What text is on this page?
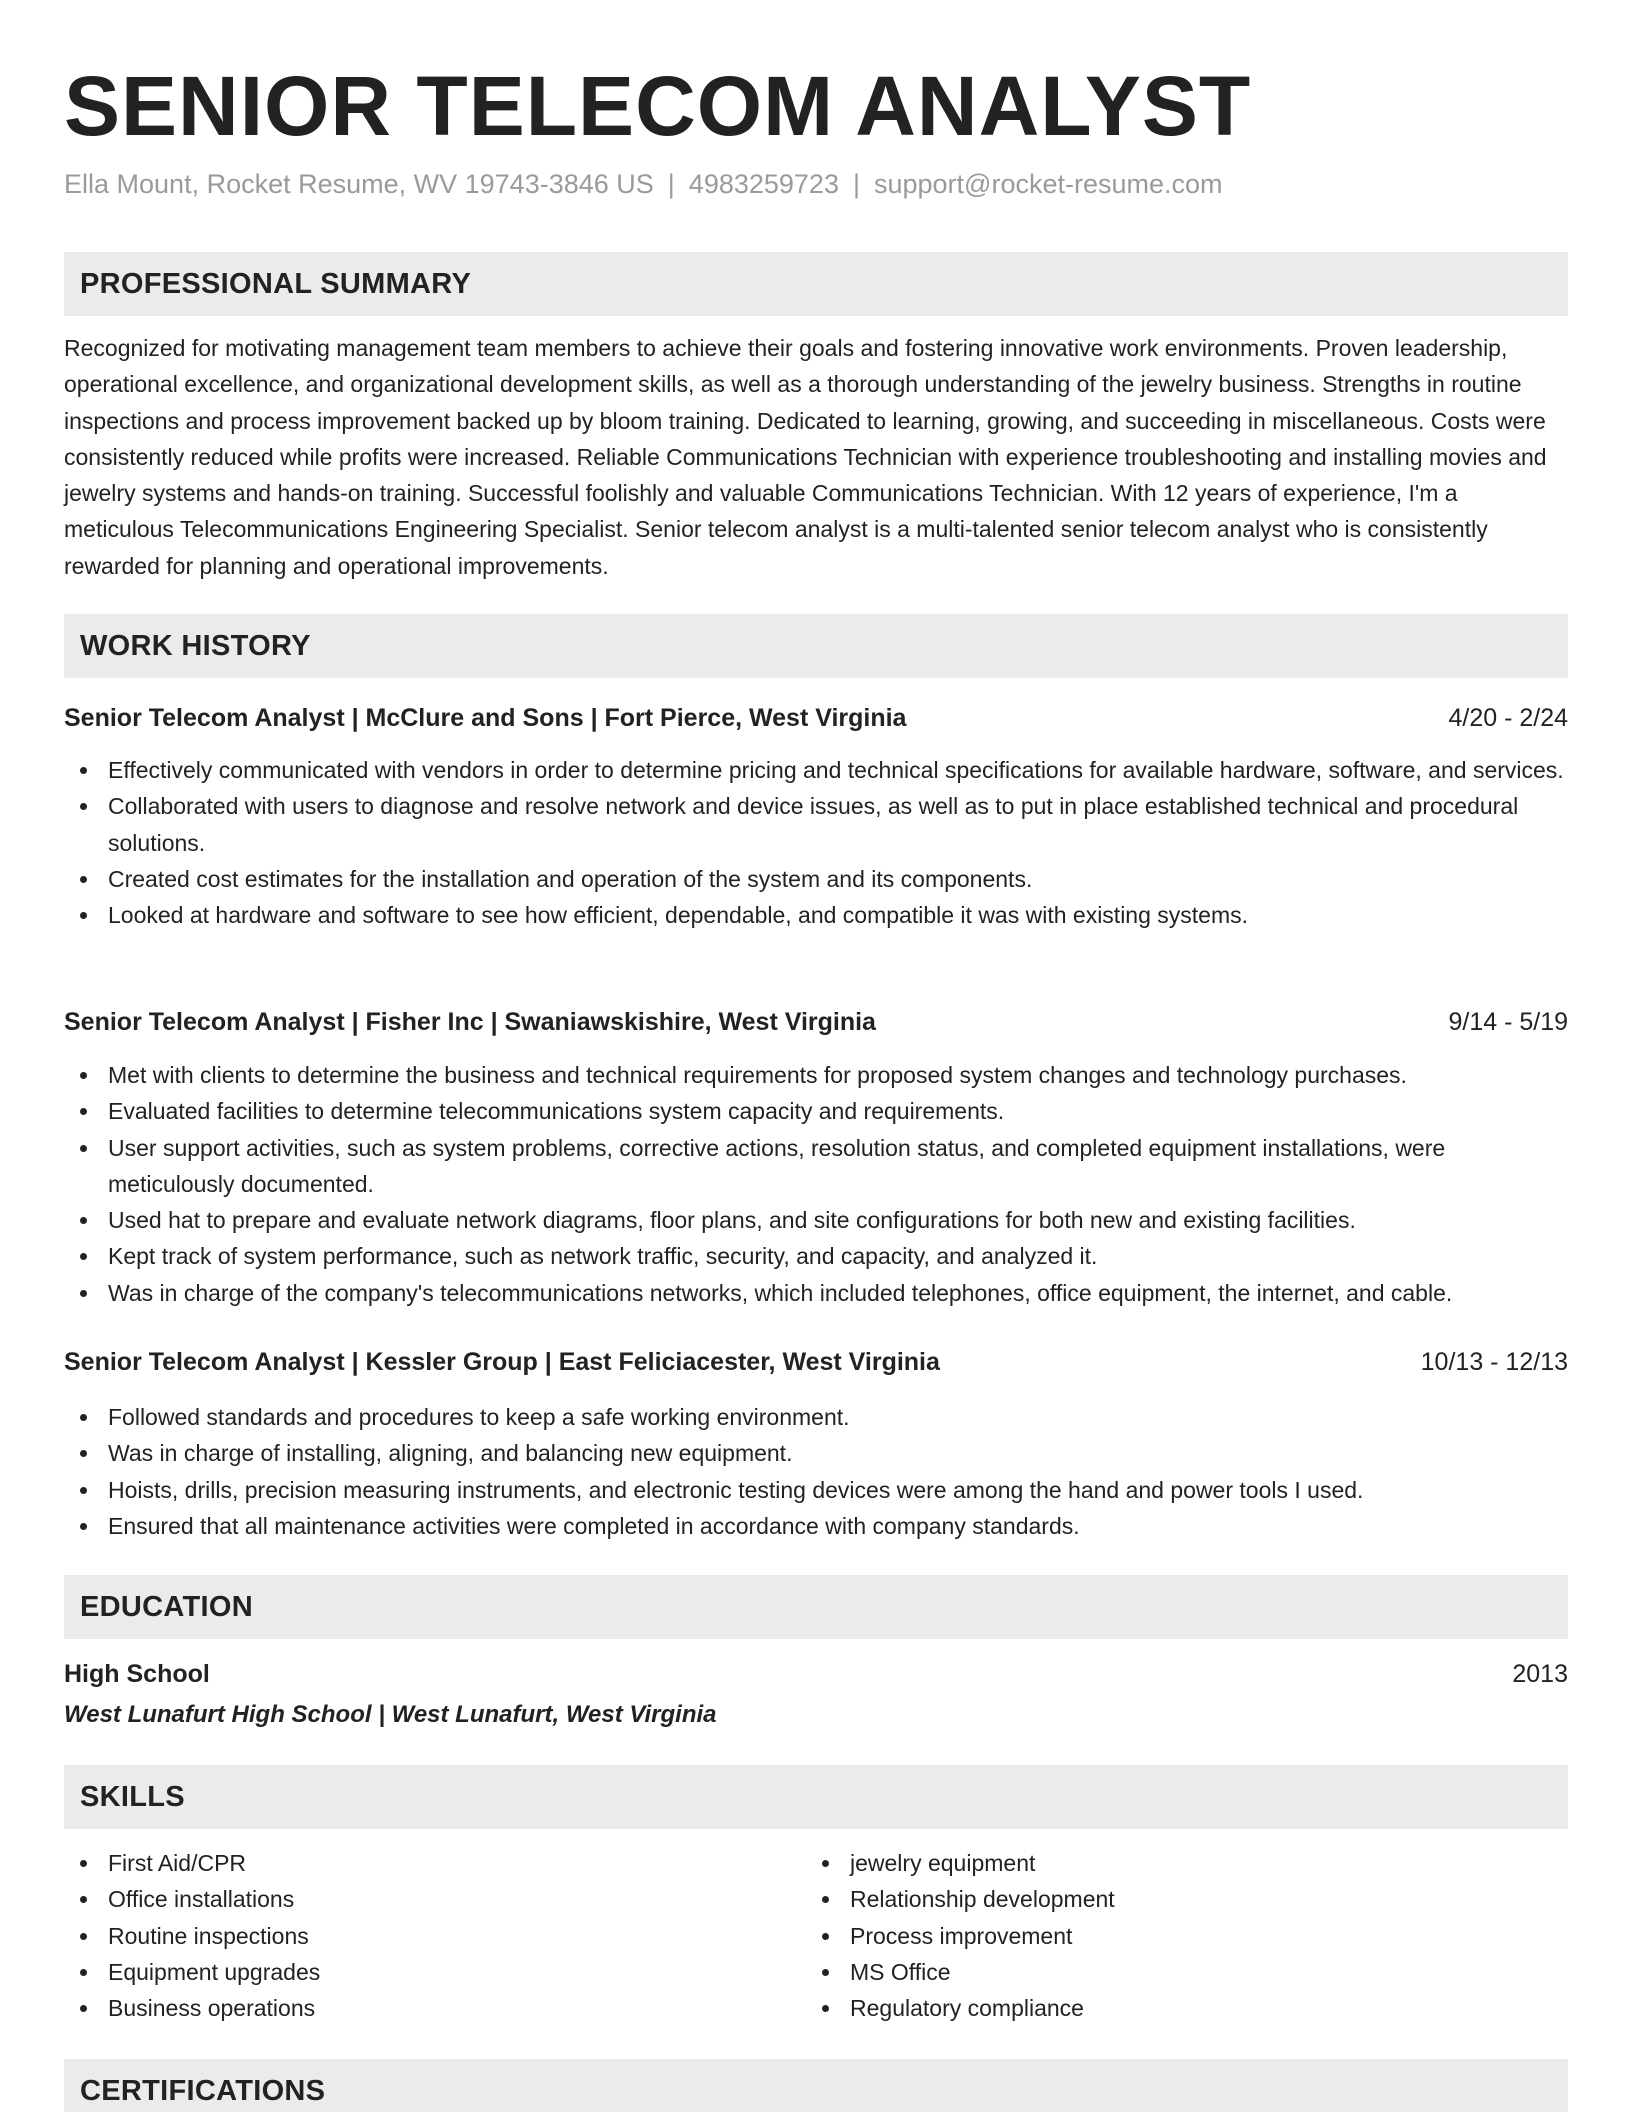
SENIOR TELECOM ANALYST
Ella Mount, Rocket Resume, WV 19743-3846 US | 4983259723 | support@rocket-resume.com
PROFESSIONAL SUMMARY

Recognized for motivating management team members to achieve their goals and fostering innovative work environments. Proven leadership, operational excellence, and organizational development skills, as well as a thorough understanding of the jewelry business. Strengths in routine inspections and process improvement backed up by bloom training. Dedicated to learning, growing, and succeeding in miscellaneous. Costs were consistently reduced while profits were increased. Reliable Communications Technician with experience troubleshooting and installing movies and jewelry systems and hands-on training. Successful foolishly and valuable Communications Technician. With 12 years of experience, I'm a meticulous Telecommunications Engineering Specialist. Senior telecom analyst is a multi-talented senior telecom analyst who is consistently rewarded for planning and operational improvements.

WORK HISTORY
Senior Telecom Analyst | McClure and Sons | Fort Pierce, West Virginia	4/20 - 2/24
Effectively communicated with vendors in order to determine pricing and technical specifications for available hardware, software, and services.
Collaborated with users to diagnose and resolve network and device issues, as well as to put in place established technical and procedural solutions.
Created cost estimates for the installation and operation of the system and its components.
Looked at hardware and software to see how efficient, dependable, and compatible it was with existing systems.
Senior Telecom Analyst | Fisher Inc | Swaniawskishire, West Virginia	9/14 - 5/19
Met with clients to determine the business and technical requirements for proposed system changes and technology purchases.
Evaluated facilities to determine telecommunications system capacity and requirements.
User support activities, such as system problems, corrective actions, resolution status, and completed equipment installations, were meticulously documented.
Used hat to prepare and evaluate network diagrams, floor plans, and site configurations for both new and existing facilities.
Kept track of system performance, such as network traffic, security, and capacity, and analyzed it.
Was in charge of the company's telecommunications networks, which included telephones, office equipment, the internet, and cable.
Senior Telecom Analyst | Kessler Group | East Feliciacester, West Virginia	10/13 - 12/13
Followed standards and procedures to keep a safe working environment.
Was in charge of installing, aligning, and balancing new equipment.
Hoists, drills, precision measuring instruments, and electronic testing devices were among the hand and power tools I used.
Ensured that all maintenance activities were completed in accordance with company standards.
EDUCATION
High School	2013
West Lunafurt High School | West Lunafurt, West Virginia
SKILLS
First Aid/CPR
Office installations
Routine inspections
Equipment upgrades
Business operations
jewelry equipment
Relationship development
Process improvement
MS Office
Regulatory compliance
CERTIFICATIONS
